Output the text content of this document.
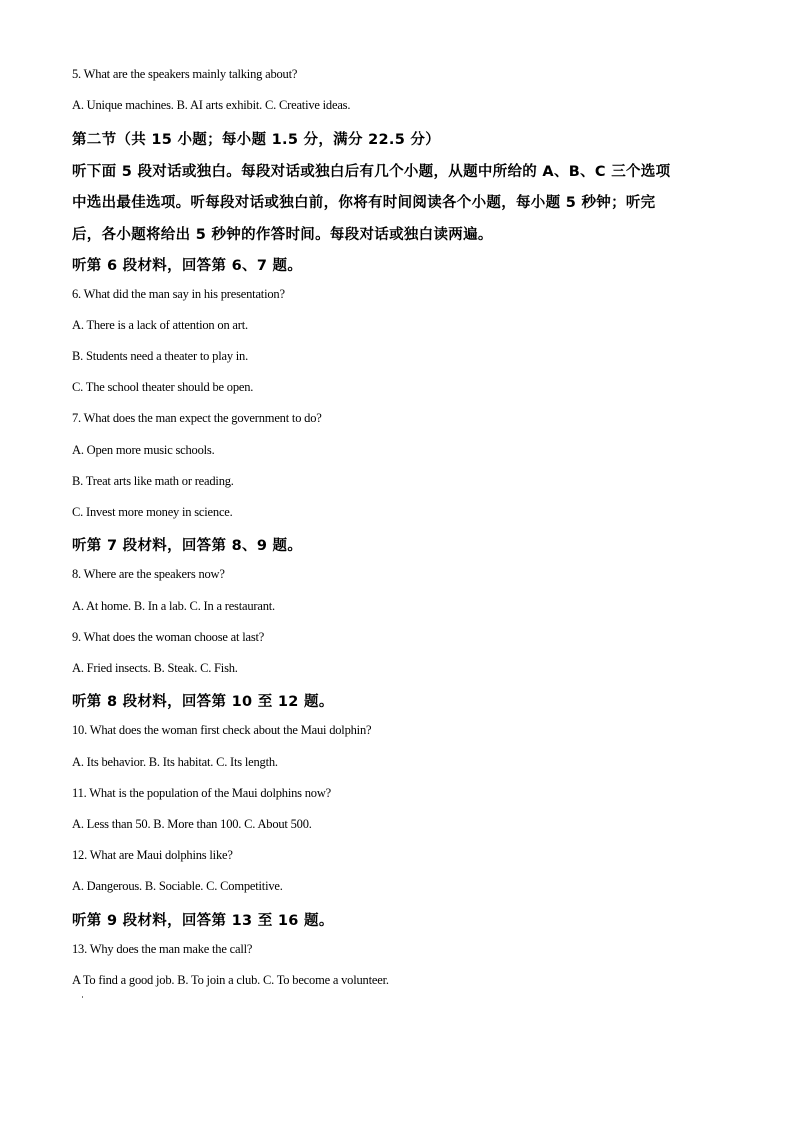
5. What are the speakers mainly talking about?
A. Unique machines. B. AI arts exhibit. C. Creative ideas.
第二节（共 15 小题；每小题 1.5 分，满分 22.5 分）
听下面 5 段对话或独白。每段对话或独白后有几个小题，从题中所给的 A、B、C 三个选项
中选出最佳选项。听每段对话或独白前，你将有时间阅读各个小题，每小题 5 秒钟；听完
后，各小题将给出 5 秒钟的作答时间。每段对话或独白读两遍。
听第 6 段材料，回答第 6、7 题。
6. What did the man say in his presentation?
A. There is a lack of attention on art.
B. Students need a theater to play in.
C. The school theater should be open.
7. What does the man expect the government to do?
A. Open more music schools.
B. Treat arts like math or reading.
C. Invest more money in science.
听第 7 段材料，回答第 8、9 题。
8. Where are the speakers now?
A. At home. B. In a lab. C. In a restaurant.
9. What does the woman choose at last?
A. Fried insects. B. Steak. C. Fish.
听第 8 段材料，回答第 10 至 12 题。
10. What does the woman first check about the Maui dolphin?
A. Its behavior. B. Its habitat. C. Its length.
11. What is the population of the Maui dolphins now?
A. Less than 50. B. More than 100. C. About 500.
12. What are Maui dolphins like?
A. Dangerous. B. Sociable. C. Competitive.
听第 9 段材料，回答第 13 至 16 题。
13. Why does the man make the call?
A To find a good job. B. To join a club. C. To become a volunteer.
